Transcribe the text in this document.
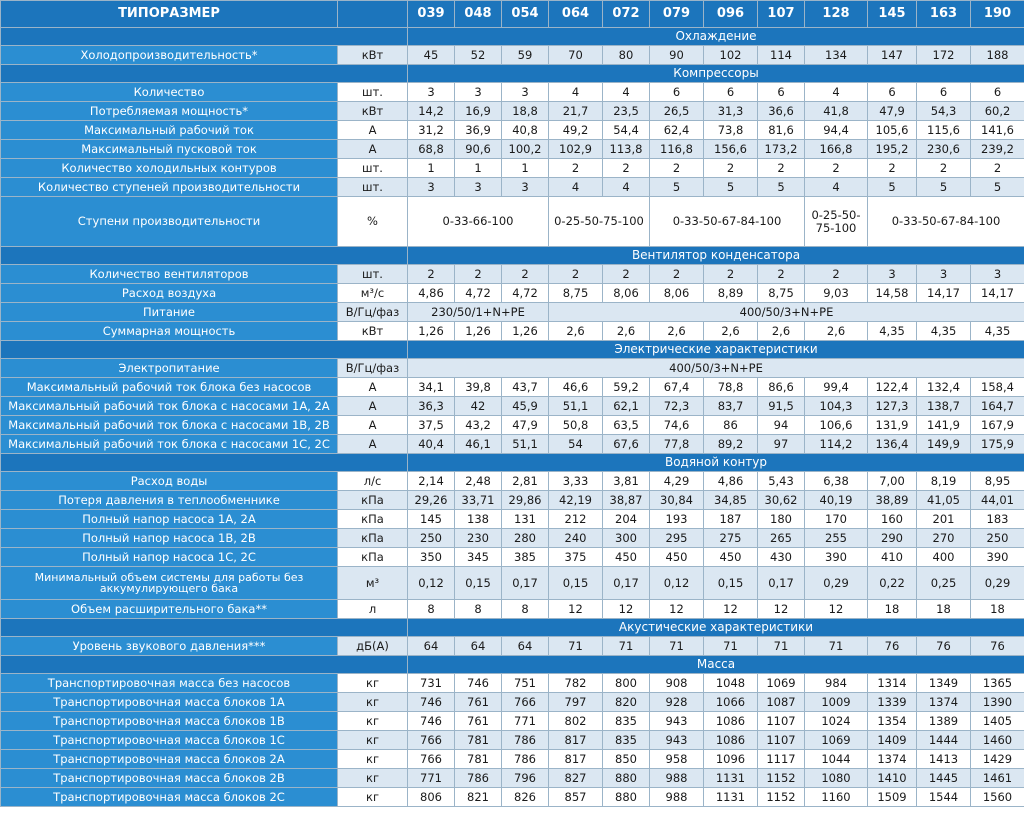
ТИПОРАЗМЕР		039	048	054	064	072	079	096	107	128	145	163	190
		Охлаждение											
Холодопроизводительность*	кВт	45	52	59	70	80	90	102	114	134	147	172	188
		Компрессоры											
Количество	шт.	3	3	3	4	4	6	6	6	4	6	6	6
Потребляемая мощность*	кВт	14,2	16,9	18,8	21,7	23,5	26,5	31,3	36,6	41,8	47,9	54,3	60,2
Максимальный рабочий ток	А	31,2	36,9	40,8	49,2	54,4	62,4	73,8	81,6	94,4	105,6	115,6	141,6
Максимальный пусковой ток	А	68,8	90,6	100,2	102,9	113,8	116,8	156,6	173,2	166,8	195,2	230,6	239,2
Количество холодильных контуров	шт.	1	1	1	2	2	2	2	2	2	2	2	2
Количество ступеней производительности	шт.	3	3	3	4	4	5	5	5	4	5	5	5
Ступени производительности	%	0-33-66-100			0-25-50-75-100		0-33-50-67-84-100			0-25-50-75-100	0-33-50-67-84-100		
		Вентилятор конденсатора											
Количество вентиляторов	шт.	2	2	2	2	2	2	2	2	2	3	3	3
Расход воздуха	м³/с	4,86	4,72	4,72	8,75	8,06	8,06	8,89	8,75	9,03	14,58	14,17	14,17
Питание	В/Гц/фаз	230/50/1+N+PE			400/50/3+N+PE								
Суммарная мощность	кВт	1,26	1,26	1,26	2,6	2,6	2,6	2,6	2,6	2,6	4,35	4,35	4,35
		Электрические характеристики											
Электропитание	В/Гц/фаз	400/50/3+N+PE											
Максимальный рабочий ток блока без насосов	А	34,1	39,8	43,7	46,6	59,2	67,4	78,8	86,6	99,4	122,4	132,4	158,4
Максимальный рабочий ток блока с насосами 1А, 2А	А	36,3	42	45,9	51,1	62,1	72,3	83,7	91,5	104,3	127,3	138,7	164,7
Максимальный рабочий ток блока с насосами 1В, 2В	А	37,5	43,2	47,9	50,8	63,5	74,6	86	94	106,6	131,9	141,9	167,9
Максимальный рабочий ток блока с насосами 1С, 2С	А	40,4	46,1	51,1	54	67,6	77,8	89,2	97	114,2	136,4	149,9	175,9
		Водяной контур											
Расход воды	л/с	2,14	2,48	2,81	3,33	3,81	4,29	4,86	5,43	6,38	7,00	8,19	8,95
Потеря давления в теплообменнике	кПа	29,26	33,71	29,86	42,19	38,87	30,84	34,85	30,62	40,19	38,89	41,05	44,01
Полный напор насоса 1А, 2А	кПа	145	138	131	212	204	193	187	180	170	160	201	183
Полный напор насоса 1В, 2В	кПа	250	230	280	240	300	295	275	265	255	290	270	250
Полный напор насоса 1С, 2С	кПа	350	345	385	375	450	450	450	430	390	410	400	390
Минимальный объем системы для работы без аккумулирующего бака	м³	0,12	0,15	0,17	0,15	0,17	0,12	0,15	0,17	0,29	0,22	0,25	0,29
Объем расширительного бака**	л	8	8	8	12	12	12	12	12	12	18	18	18
		Акустические характеристики											
Уровень звукового давления***	дБ(А)	64	64	64	71	71	71	71	71	71	76	76	76
		Масса											
Транспортировочная масса без насосов	кг	731	746	751	782	800	908	1048	1069	984	1314	1349	1365
Транспортировочная масса блоков 1А	кг	746	761	766	797	820	928	1066	1087	1009	1339	1374	1390
Транспортировочная масса блоков 1В	кг	746	761	771	802	835	943	1086	1107	1024	1354	1389	1405
Транспортировочная масса блоков 1С	кг	766	781	786	817	835	943	1086	1107	1069	1409	1444	1460
Транспортировочная масса блоков 2А	кг	766	781	786	817	850	958	1096	1117	1044	1374	1413	1429
Транспортировочная масса блоков 2В	кг	771	786	796	827	880	988	1131	1152	1080	1410	1445	1461
Транспортировочная масса блоков 2С	кг	806	821	826	857	880	988	1131	1152	1160	1509	1544	1560
